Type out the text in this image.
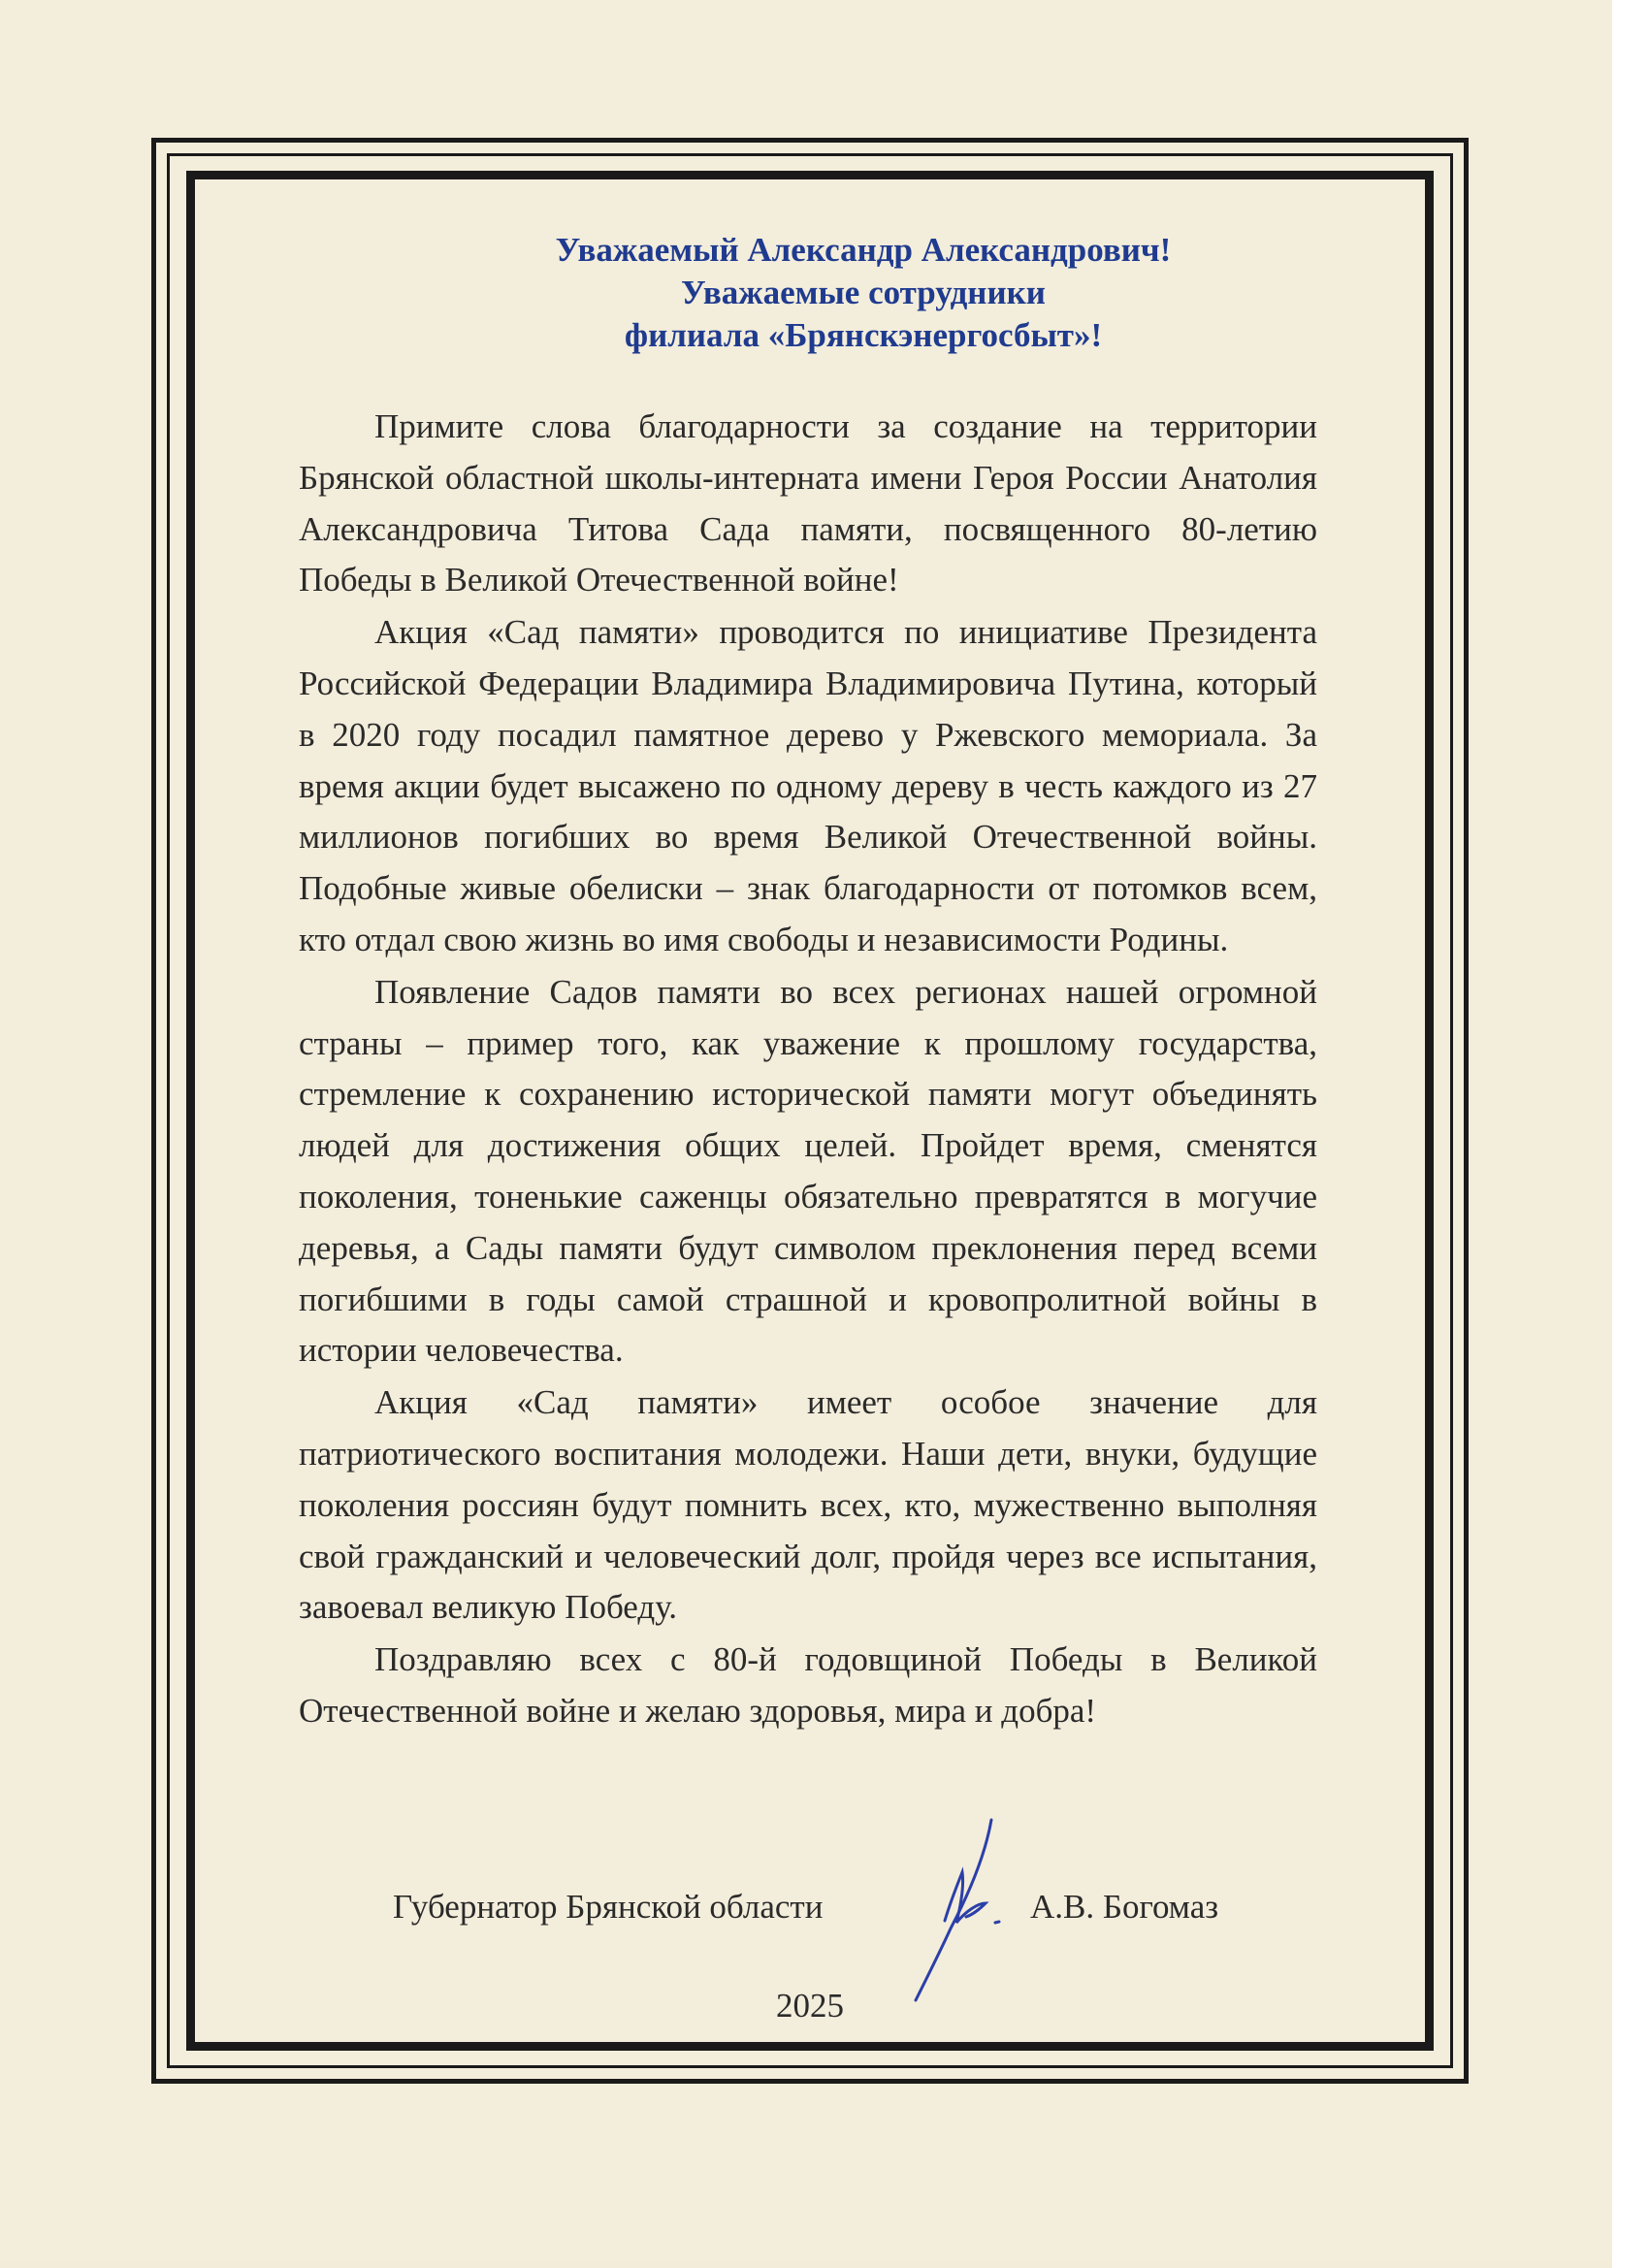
Уважаемый Александр Александрович!
Уважаемые сотрудники
филиала «Брянскэнергосбыт»!

Примите слова благодарности за создание на территории Брянской областной школы-интерната имени Героя России Анатолия Александровича Титова Сада памяти, посвященного 80-летию Победы в Великой Отечественной войне!

Акция «Сад памяти» проводится по инициативе Президента Российской Федерации Владимира Владимировича Путина, который в 2020 году посадил памятное дерево у Ржевского мемориала. За время акции будет высажено по одному дереву в честь каждого из 27 миллионов погибших во время Великой Отечественной войны. Подобные живые обелиски – знак благодарности от потомков всем, кто отдал свою жизнь во имя свободы и независимости Родины.

Появление Садов памяти во всех регионах нашей огромной страны – пример того, как уважение к прошлому государства, стремление к сохранению исторической памяти могут объединять людей для достижения общих целей. Пройдет время, сменятся поколения, тоненькие саженцы обязательно превратятся в могучие деревья, а Сады памяти будут символом преклонения перед всеми погибшими в годы самой страшной и кровопролитной войны в истории человечества.

Акция «Сад памяти» имеет особое значение для патриотического воспитания молодежи. Наши дети, внуки, будущие поколения россиян будут помнить всех, кто, мужественно выполняя свой гражданский и человеческий долг, пройдя через все испытания, завоевал великую Победу.

Поздравляю всех с 80-й годовщиной Победы в Великой Отечественной войне и желаю здоровья, мира и добра!

Губернатор Брянской области	А.В. Богомаз
2025
